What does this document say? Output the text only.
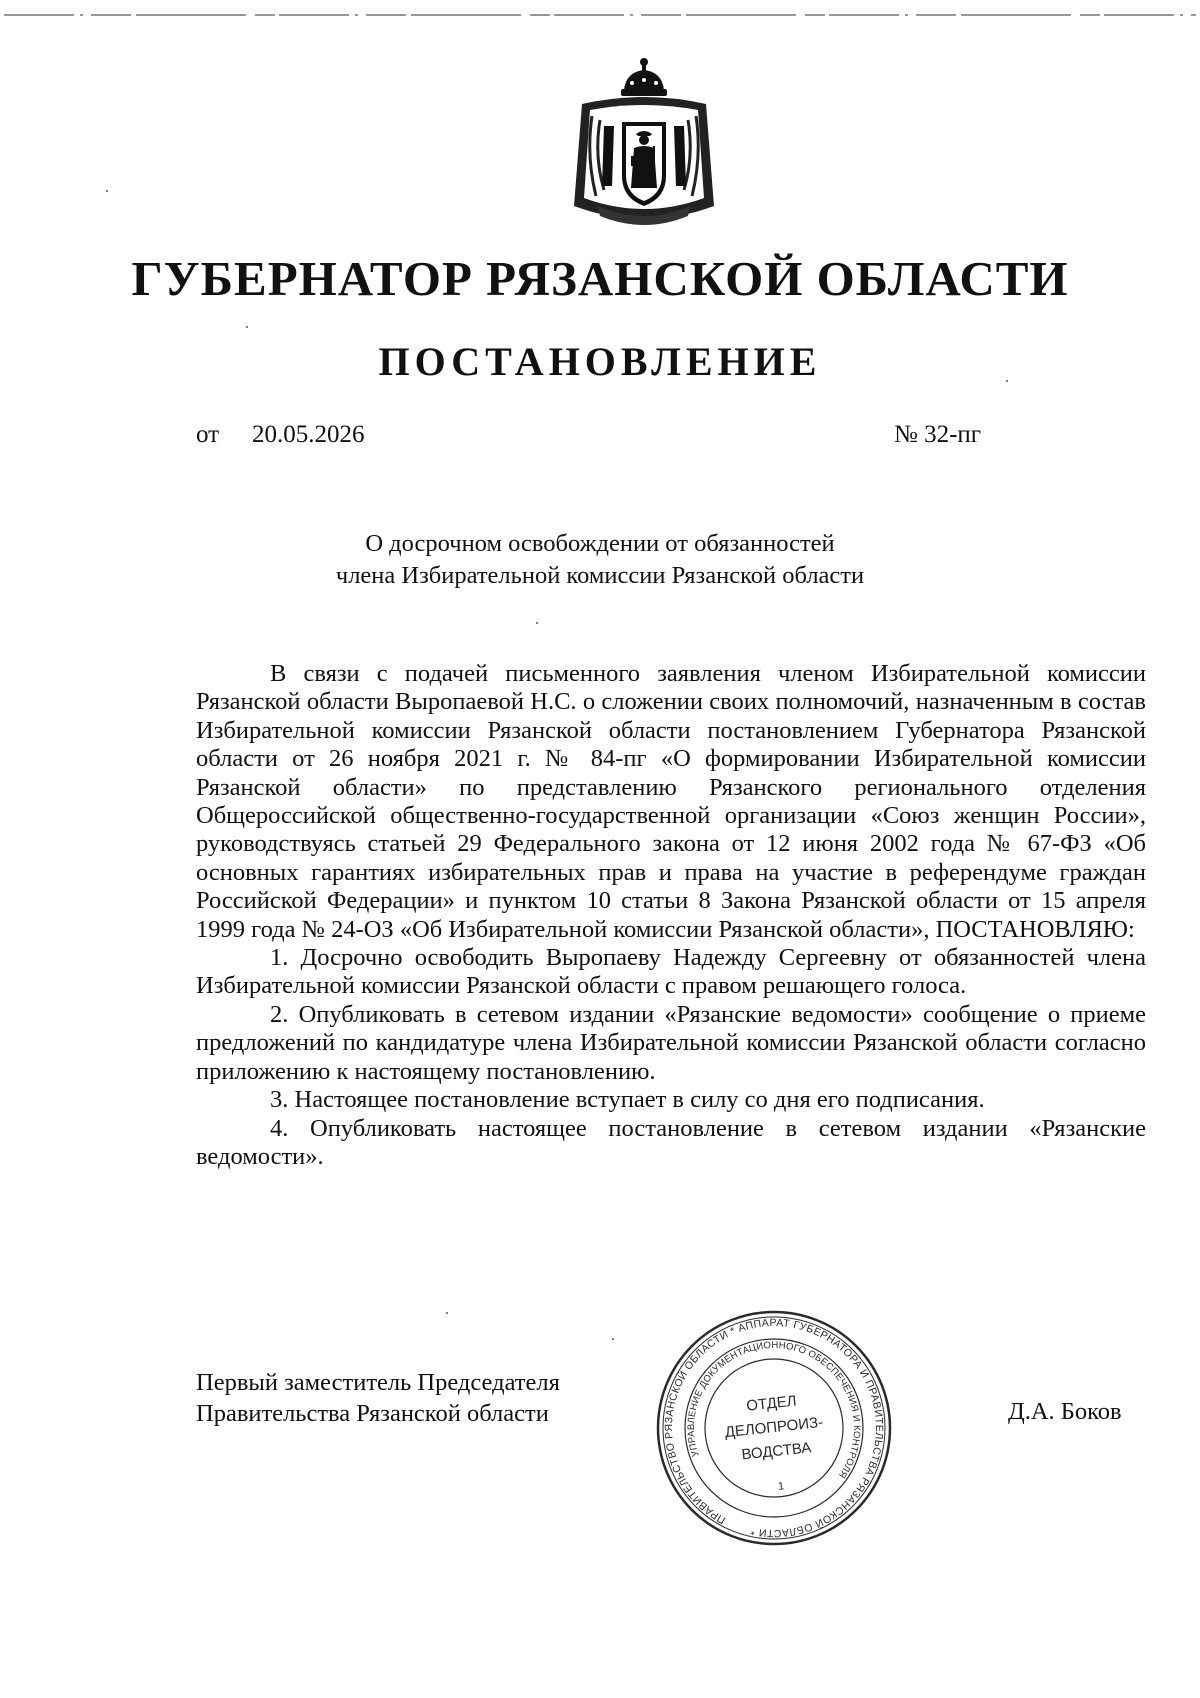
ГУБЕРНАТОР РЯЗАНСКОЙ ОБЛАСТИ
ПОСТАНОВЛЕНИЕ
от 20.05.2026	№ 32-пг
О досрочном освобождении от обязанностей
члена Избирательной комиссии Рязанской области

В связи с подачей письменного заявления членом Избирательной комиссии Рязанской области Выропаевой Н.С. о сложении своих полномочий, назначенным в состав Избирательной комиссии Рязанской области постановлением Губернатора Рязанской области от 26 ноября 2021 г. № 84-пг «О формировании Избирательной комиссии Рязанской области» по представлению Рязанского регионального отделения Общероссийской общественно-государственной организации «Союз женщин России», руководствуясь статьей 29 Федерального закона от 12 июня 2002 года № 67-ФЗ «Об основных гарантиях избирательных прав и права на участие в референдуме граждан Российской Федерации» и пунктом 10 статьи 8 Закона Рязанской области от 15 апреля 1999 года № 24-ОЗ «Об Избирательной комиссии Рязанской области», ПОСТАНОВЛЯЮ:

1. Досрочно освободить Выропаеву Надежду Сергеевну от обязанностей члена Избирательной комиссии Рязанской области с правом решающего голоса.

2. Опубликовать в сетевом издании «Рязанские ведомости» сообщение о приеме предложений по кандидатуре члена Избирательной комиссии Рязанской области согласно приложению к настоящему постановлению.

3. Настоящее постановление вступает в силу со дня его подписания.

4. Опубликовать настоящее постановление в сетевом издании «Рязанские ведомости».

Первый заместитель Председателя
Правительства Рязанской области
ПРАВИТЕЛЬСТВО РЯЗАНСКОЙ ОБЛАСТИ * АППАРАТ ГУБЕРНАТОРА И ПРАВИТЕЛЬСТВА РЯЗАНСКОЙ ОБЛАСТИ *
УПРАВЛЕНИЕ ДОКУМЕНТАЦИОННОГО ОБЕСПЕЧЕНИЯ И КОНТРОЛЯ
ОТДЕЛ
ДЕЛОПРОИЗ-
ВОДСТВА
1
Д.А. Боков
